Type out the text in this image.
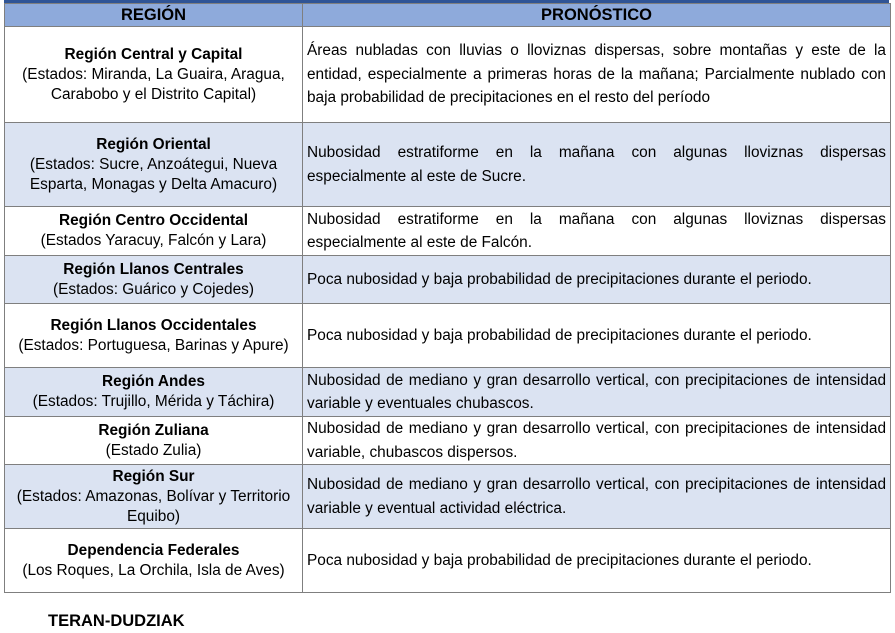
REGIÓN	PRONÓSTICO

Región Central y Capital
(Estados: Miranda, La Guaira, Aragua, Carabobo y el Distrito Capital)	Áreas nubladas con lluvias o lloviznas dispersas, sobre montañas y este de la entidad, especialmente a primeras horas de la mañana; Parcialmente nublado con baja probabilidad de precipitaciones en el resto del período

Región Oriental
(Estados: Sucre, Anzoátegui, Nueva Esparta, Monagas y Delta Amacuro)	Nubosidad estratiforme en la mañana con algunas lloviznas dispersas especialmente al este de Sucre.

Región Centro Occidental
(Estados Yaracuy, Falcón y Lara)	Nubosidad estratiforme en la mañana con algunas lloviznas dispersas especialmente al este de Falcón.

Región Llanos Centrales
(Estados: Guárico y Cojedes)	Poca nubosidad y baja probabilidad de precipitaciones durante el periodo.

Región Llanos Occidentales
(Estados: Portuguesa, Barinas y Apure)	Poca nubosidad y baja probabilidad de precipitaciones durante el periodo.

Región Andes
(Estados: Trujillo, Mérida y Táchira)	Nubosidad de mediano y gran desarrollo vertical, con precipitaciones de intensidad variable y eventuales chubascos.

Región Zuliana
(Estado Zulia)	Nubosidad de mediano y gran desarrollo vertical, con precipitaciones de intensidad variable, chubascos dispersos.

Región Sur
(Estados: Amazonas, Bolívar y Territorio Equibo)	Nubosidad de mediano y gran desarrollo vertical, con precipitaciones de intensidad variable y eventual actividad eléctrica.

Dependencia Federales
(Los Roques, La Orchila, Isla de Aves)	Poca nubosidad y baja probabilidad de precipitaciones durante el periodo.
TERAN-DUDZIAK
